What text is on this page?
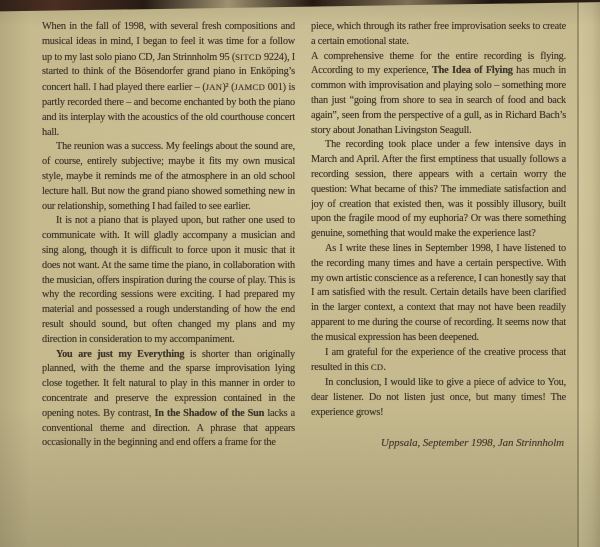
When in the fall of 1998, with several fresh compositions and musical ideas in mind, I began to feel it was time for a follow up to my last solo piano CD, Jan Strinnholm 95 (SITCD 9224), I started to think of the Bösendorfer grand piano in Enköping’s concert hall. I had played there earlier – (JAN)² (JAMCD 001) is partly recorded there – and become enchanted by both the piano and its interplay with the acoustics of the old courthouse concert hall.

The reunion was a success. My feelings about the sound are, of course, entirely subjective; maybe it fits my own musical style, maybe it reminds me of the atmosphere in an old school lecture hall. But now the grand piano showed something new in our relationship, something I had failed to see earlier.

It is not a piano that is played upon, but rather one used to communicate with. It will gladly accompany a musician and sing along, though it is difficult to force upon it music that it does not want. At the same time the piano, in collaboration with the musician, offers inspiration during the course of play. This is why the recording sessions were exciting. I had prepared my material and possessed a rough understanding of how the end result should sound, but often changed my plans and my direction in consideration to my accompaniment.

You are just my Everything is shorter than originally planned, with the theme and the sparse improvisation lying close together. It felt natural to play in this manner in order to concentrate and preserve the expression contained in the opening notes. By contrast, In the Shadow of the Sun lacks a conventional theme and direction. A phrase that appears occasionally in the beginning and end offers a frame for the

piece, which through its rather free improvisation seeks to create a certain emotional state.

A comprehensive theme for the entire recording is flying. According to my experience, The Idea of Flying has much in common with improvisation and playing solo – something more than just “going from shore to sea in search of food and back again”, seen from the perspective of a gull, as in Richard Bach’s story about Jonathan Livingston Seagull.

The recording took place under a few intensive days in March and April. After the first emptiness that usually follows a recording session, there appears with a certain worry the question: What became of this? The immediate satisfaction and joy of creation that existed then, was it possibly illusory, built upon the fragile mood of my euphoria? Or was there something genuine, something that would make the experience last?

As I write these lines in September 1998, I have listened to the recording many times and have a certain perspective. With my own artistic conscience as a reference, I can honestly say that I am satisfied with the result. Certain details have been clarified in the larger context, a context that may not have been readily apparent to me during the course of recording. It seems now that the musical expression has been deepened.

I am grateful for the experience of the creative process that resulted in this CD.

In conclusion, I would like to give a piece of advice to You, dear listener. Do not listen just once, but many times! The experience grows!

Uppsala, September 1998, Jan Strinnholm
